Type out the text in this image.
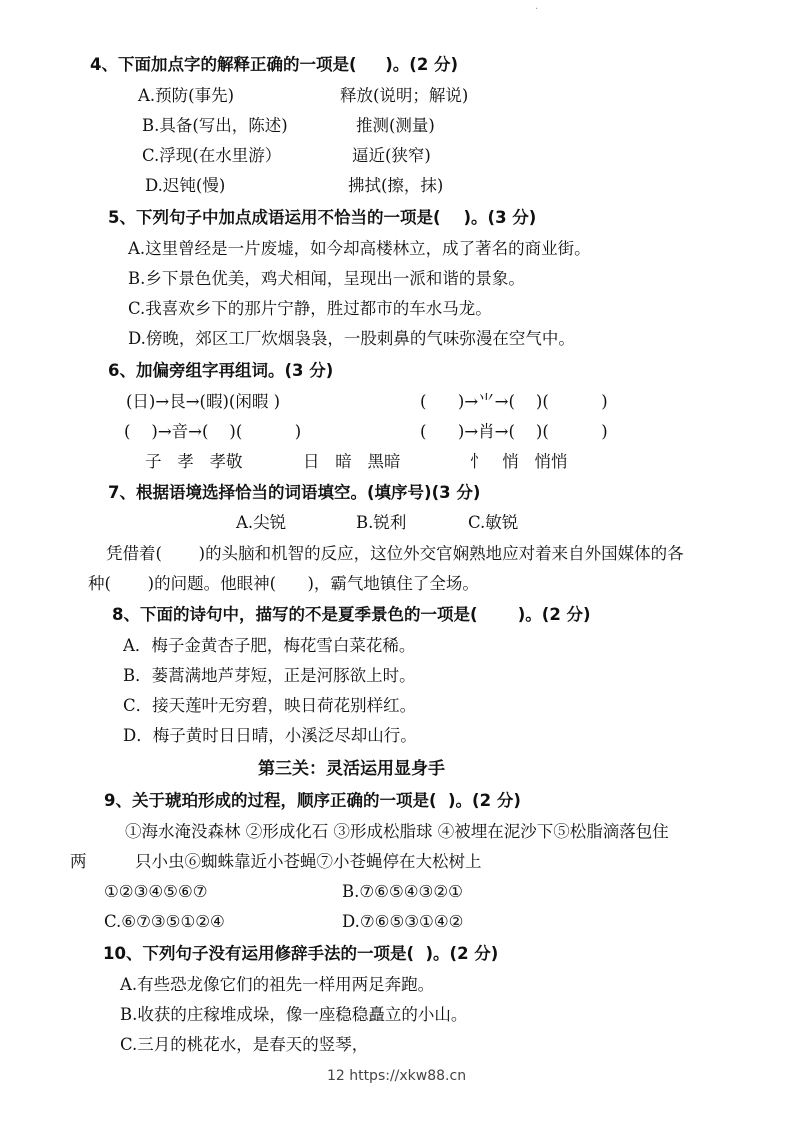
·
4、下面加点字的解释正确的一项是(     )。(2 分)
A.预防(事先)	释放(说明；解说)
B.具备(写出，陈述)	推测(测量)
C.浮现(在水里游）	逼近(狭窄)
D.迟钝(慢)	拂拭(擦，抹)
5、下列句子中加点成语运用不恰当的一项是(    )。(3 分)
A.这里曾经是一片废墟，如今却高楼林立，成了著名的商业街。
B.乡下景色优美，鸡犬相闻，呈现出一派和谐的景象。
C.我喜欢乡下的那片宁静，胜过都市的车水马龙。
D.傍晚，郊区工厂炊烟袅袅，一股刺鼻的气味弥漫在空气中。
6、加偏旁组字再组词。(3 分)
(日)→艮→(暇)(闲暇 )	(      )→⺌→(    )(          )
(    )→音→(    )(          )	(      )→肖→(    )(          )
子   孝   孝敬	日   暗   黑暗	忄   悄   悄悄
7、根据语境选择恰当的词语填空。(填序号)(3 分)
A.尖锐	B.锐利	C.敏锐
凭借着(       )的头脑和机智的反应，这位外交官娴熟地应对着来自外国媒体的各
种(       )的问题。他眼神(      )，霸气地镇住了全场。
8、下面的诗句中，描写的不是夏季景色的一项是(       )。(2 分)
A．梅子金黄杏子肥，梅花雪白菜花稀。
B．蒌蒿满地芦芽短，正是河豚欲上时。
C．接天莲叶无穷碧，映日荷花别样红。
D．梅子黄时日日晴，小溪泛尽却山行。
第三关：灵活运用显身手
9、关于琥珀形成的过程，顺序正确的一项是(  )。(2 分)
①海水淹没森林 ②形成化石 ③形成松脂球 ④被埋在泥沙下⑤松脂滴落包住
两	只小虫⑥蜘蛛靠近小苍蝇⑦小苍蝇停在大松树上
①②③④⑤⑥⑦	B.⑦⑥⑤④③②①
C.⑥⑦③⑤①②④	D.⑦⑥⑤③①④②
10、下列句子没有运用修辞手法的一项是(  )。(2 分)
A.有些恐龙像它们的祖先一样用两足奔跑。
B.收获的庄稼堆成垛，像一座稳稳矗立的小山。
C.三月的桃花水，是春天的竖琴，
12 https://xkw88.cn
